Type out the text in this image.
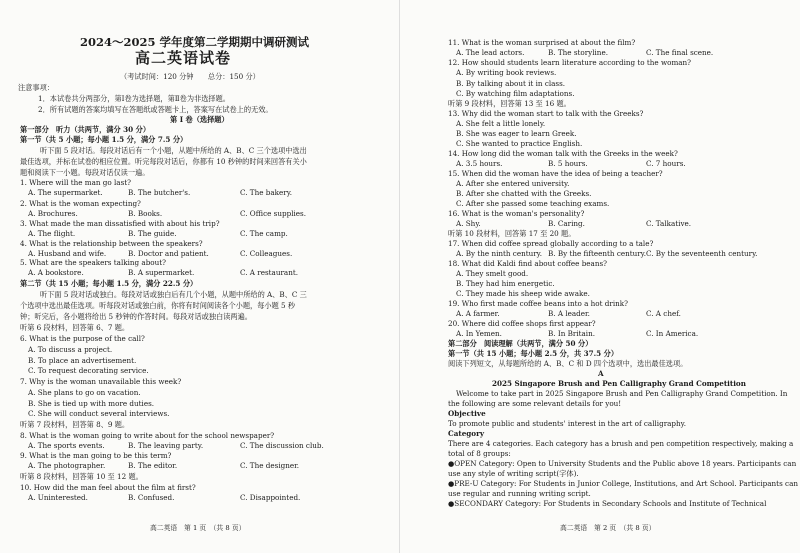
高二英语　第 1 页　（共 8 页）
2024～2025 学年度第二学期期中调研测试
高二英语试卷
（考试时间：120 分钟　　总分：150 分）
注意事项：
1．本试卷共分两部分，第Ⅰ卷为选择题，第Ⅱ卷为非选择题。
2．所有试题的答案均填写在答题纸或答题卡上，答案写在试卷上的无效。
第 Ⅰ 卷（选择题）
第一部分　听力（共两节，满分 30 分）
第一节（共 5 小题；每小题 1.5 分，满分 7.5 分）
听下面 5 段对话。每段对话后有一个小题，从题中所给的 A、B、C 三个选项中选出
最佳选项，并标在试卷的相应位置。听完每段对话后，你都有 10 秒钟的时间来回答有关小
题和阅读下一小题。每段对话仅读一遍。
1. Where will the man go last?
2. What is the woman expecting?
3. What made the man dissatisfied with about his trip?
4. What is the relationship between the speakers?
5. What are the speakers talking about?
第二节（共 15 小题；每小题 1.5 分，满分 22.5 分）
听下面 5 段对话或独白。每段对话或独白后有几个小题，从题中所给的 A、B、C 三
个选项中选出最佳选项。听每段对话或独白前，你将有时间阅读各个小题，每小题 5 秒
钟；听完后，各小题将给出 5 秒钟的作答时间。每段对话或独白读两遍。
听第 6 段材料，回答第 6、7 题。
6. What is the purpose of the call?
A. To discuss a project.
B. To place an advertisement.
C. To request decorating service.
7. Why is the woman unavailable this week?
A. She plans to go on vacation.
B. She is tied up with more duties.
C. She will conduct several interviews.
听第 7 段材料，回答第 8、9 题。
8. What is the woman going to write about for the school newspaper?
9. What is the man going to be this term?
听第 8 段材料，回答第 10 至 12 题。
10. How did the man feel about the film at first?
A. The supermarket.	B. The butcher's.	C. The bakery.
A. Brochures.	B. Books.	C. Office supplies.
A. The flight.	B. The guide.	C. The camp.
A. Husband and wife.	B. Doctor and patient.	C. Colleagues.
A. A bookstore.	B. A supermarket.	C. A restaurant.
A. The sports events.	B. The leaving party.	C. The discussion club.
A. The photographer.	B. The editor.	C. The designer.
A. Uninterested.	B. Confused.	C. Disappointed.
高二英语　第 2 页　（共 8 页）
11. What is the woman surprised at about the film?
12. How should students learn literature according to the woman?
A. By writing book reviews.
B. By talking about it in class.
C. By watching film adaptations.
听第 9 段材料，回答第 13 至 16 题。
13. Why did the woman start to talk with the Greeks?
A. She felt a little lonely.
B. She was eager to learn Greek.
C. She wanted to practice English.
14. How long did the woman talk with the Greeks in the week?
15. When did the woman have the idea of being a teacher?
A. After she entered university.
B. After she chatted with the Greeks.
C. After she passed some teaching exams.
16. What is the woman's personality?
听第 10 段材料，回答第 17 至 20 题。
17. When did coffee spread globally according to a tale?
18. What did Kaldi find about coffee beans?
A. They smelt good.
B. They had him energetic.
C. They made his sheep wide awake.
19. Who first made coffee beans into a hot drink?
20. Where did coffee shops first appear?
第二部分　阅读理解（共两节，满分 50 分）
第一节（共 15 小题；每小题 2.5 分，共 37.5 分）
阅读下列短文，从每题所给的 A、B、C 和 D 四个选项中，选出最佳选项。
A
2025 Singapore Brush and Pen Calligraphy Grand Competition
Welcome to take part in 2025 Singapore Brush and Pen Calligraphy Grand Competition. In
the following are some relevant details for you!
Objective
To promote public and students' interest in the art of calligraphy.
Category
There are 4 categories. Each category has a brush and pen competition respectively, making a
total of 8 groups:
●OPEN Category: Open to University Students and the Public above 18 years. Participants can
use any style of writing script(字体).
●PRE-U Category: For Students in Junior College, Institutions, and Art School. Participants can
use regular and running writing script.
●SECONDARY Category: For Students in Secondary Schools and Institute of Technical
A. The lead actors.	B. The storyline.	C. The final scene.
A. 3.5 hours.	B. 5 hours.	C. 7 hours.
A. Shy.	B. Caring.	C. Talkative.
A. By the ninth century. B. By the fifteenth century. C. By the seventeenth century.
A. A farmer.	B. A leader.	C. A chef.
A. In Yemen.	B. In Britain.	C. In America.
